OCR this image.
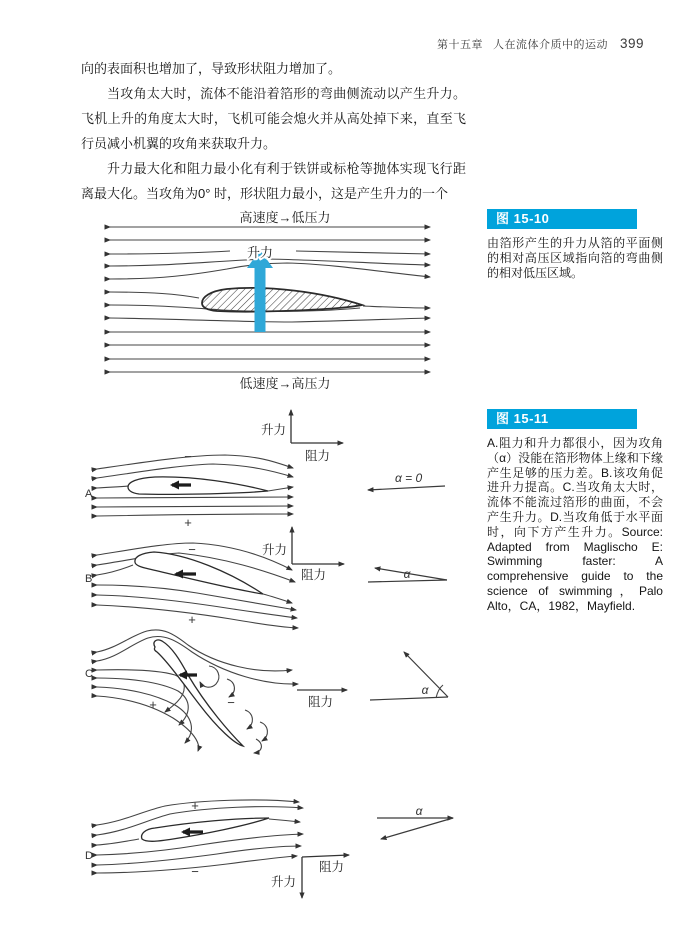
第十五章 人在流体介质中的运动 399

向的表面积也增加了，导致形状阻力增加了。

当攻角太大时，流体不能沿着箔形的弯曲侧流动以产生升力。飞机上升的角度太大时，飞机可能会熄火并从高处掉下来，直至飞行员减小机翼的攻角来获取升力。

升力最大化和阻力最小化有利于铁饼或标枪等抛体实现飞行距离最大化。当攻角为0° 时，形状阻力最小，这是产生升力的一个

高速度→低压力
升力
低速度→高压力
图 15-10
由箔形产生的升力从箔的平面侧的相对高压区域指向箔的弯曲侧的相对低压区域。
升力
阻力
A
−
+
α = 0
升力
阻力
B
−
+
α
C
+	−	阻力
α
D
+
−	阻力
升力
α
图 15-11
A.阻力和升力都很小，因为攻角（α）没能在箔形物体上缘和下缘产生足够的压力差。B.该攻角促进升力提高。C.当攻角太大时，流体不能流过箔形的曲面，不会产生升力。D.当攻角低于水平面时，向下方产生升力。Source: Adapted from Maglischo E: Swimming faster: A comprehensive guide to the science of swimming，Palo Alto，CA，1982，Mayfield.
